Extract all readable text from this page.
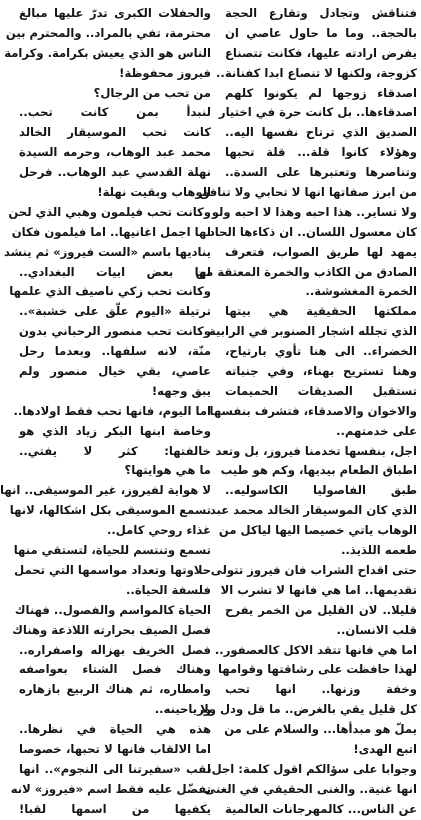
فتناقش وتجادل وتقارع الحجة
بالحجة.. وما ما حاول عاصي ان
يفرض ارادته عليها، فكانت تتصناع
كزوجة، ولكنها لا تنصاع ابدا كفنانة..
اصدقاء زوجها لم يكونوا كلهم
اصدقاءها.. بل كانت حرة في اختيار
الصديق الذي ترتاح نفسها اليه..
وهؤلاء كانوا قلة... قلة تحبها
وتناصرها وتعتبرها على السدة..
من ابرز صفاتها انها لا تحابي ولا تنافق
ولا تساير.. هذا احبه وهذا لا احبه ولو
كان معسول اللسان.. ان ذكاءها الحاد
يمهد لها طريق الصواب، فتعرف
الصادق من الكاذب والخمرة المعتقة من
الخمرة المغشوشة..
مملكتها الحقيقية هي بيتها
الذي تجلله اشجار الصنوبر في الرابية
الخضراء.. الى هنا تأوي بارتياح،
وهنا تستريح بهناء، وفي جنباته
تستقبل الصديقات الحميمات
والاخوان والاصدقاء، فتشرف بنفسها
على خدمتهم..
اجل، بنفسها تخدمنا فيروز، بل وتعد
اطباق الطعام بيديها، وكم هو طيب
طبق الفاصوليا الكاسوليه..
الذي كان الموسيقار الخالد محمد عبد
الوهاب ياتي خصيصا اليها لياكل من
طعمه اللذيذ..
حتى اقداح الشراب فان فيروز تتولى
تقديمها.. اما هي فانها لا تشرب الا
قليلا.. لان القليل من الخمر يفرح
قلب الانسان..
اما هي فانها تتقد الاكل كالعصفور..
لهذا حافظت على رشاقتها وقوامها
وخفة وزنها.. انها تحب
كل قليل يقي بالغرض.. ما قل ودل ولا
يملّ هو مبدأها... والسلام على من
اتبع الهدى!
وجوابا على سؤالكم اقول كلمة: اجل،
انها غنية.. والغنى الحقيقي في الغنى
عن الناس... كالمهرجانات العالمية
والحفلات الكبرى تدرّ عليها مبالغ
محترمة، تفي بالمراد.. والمحترم بين
الناس هو الذي يعيش بكرامة. وكرامة
فيروز محفوظة!
من تحب من الرجال؟
لنبدأ بمن كانت تحب..
كانت تحب الموسيقار الخالد
محمد عبد الوهاب، وحرمه السيدة
نهلة القدسي عبد الوهاب.. فرحل
الوهاب وبقيت نهلة!
وكانت تحب فيلمون وهبي الذي لحن
لها اجمل اغانيها.. اما فيلمون فكان
يناديها باسم «الست فيروز» ثم ينشد
لها بعض ابيات البغدادي..
وكانت تحب زكي ناصيف الذي علمها
ترتيلة «اليوم علّق على خشبة»..
وكانت تحب منصور الرحباني بدون
منّة، لانه سلفها.. وبعدما رحل
عاصي، بقي خيال منصور ولم
يبق وجهه!
اما اليوم، فانها تحب فقط اولادها..
وخاصة ابنها البكر زياد الذي هو
خالفتها: كثر لا يفتي..
ما هي هوايتها؟
لا هواية لفيروز، غير الموسيقى.. انها
تسمع الموسيقى بكل اشكالها، لانها
غذاء روحي كامل..
تسمع وتنتسم للحياة، لتستقي منها
حلاوتها وتعداد مواسمها التي تحمل
فلسفة الحياة..
الحياة كالمواسم والفصول.. فهناك
فصل الصيف بحرارته اللاذعة وهناك
فصل الخريف بهزاله واصفراره..
وهناك فصل الشتاء بعواصفه
وامطاره، ثم هناك الربيع بازهاره
ورياحينه..
هذه هي الحياة في نظرها..
اما الالقاب فانها لا تحبها، خصوصا
لقب «سفيرتنا الى النجوم».. انها
تفضّل عليه فقط اسم «فيروز» لانه
يكفيها من اسمها لقبا!
